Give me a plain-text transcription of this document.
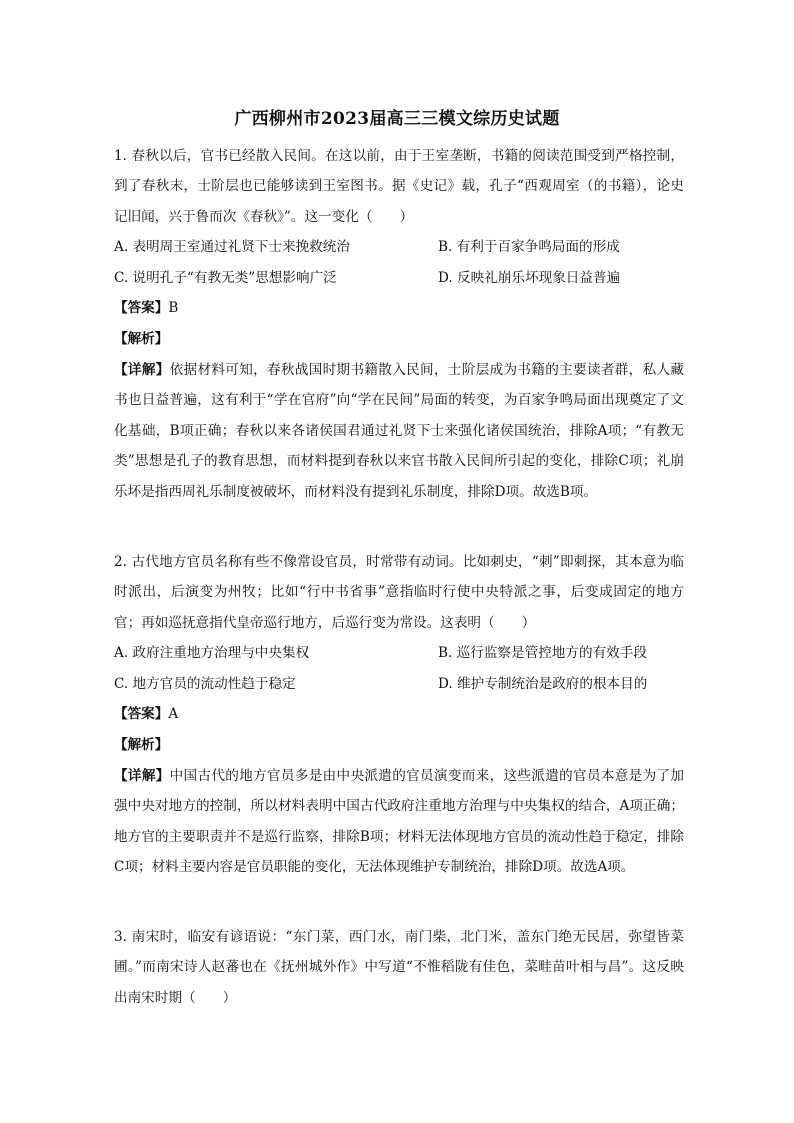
广西柳州市2023届高三三模文综历史试题

1. 春秋以后，官书已经散入民间。在这以前，由于王室垄断，书籍的阅读范围受到严格控制，到了春秋末，士阶层也已能够读到王室图书。据《史记》载，孔子“西观周室（的书籍），论史记旧闻，兴于鲁而次《春秋》”。这一变化（　　）

A. 表明周王室通过礼贤下士来挽救统治	B. 有利于百家争鸣局面的形成
C. 说明孔子“有教无类”思想影响广泛	D. 反映礼崩乐坏现象日益普遍
【答案】B
【解析】

【详解】依据材料可知，春秋战国时期书籍散入民间，士阶层成为书籍的主要读者群，私人藏书也日益普遍，这有利于“学在官府”向“学在民间”局面的转变，为百家争鸣局面出现奠定了文化基础，B项正确；春秋以来各诸侯国君通过礼贤下士来强化诸侯国统治，排除A项；“有教无类”思想是孔子的教育思想，而材料提到春秋以来官书散入民间所引起的变化，排除C项；礼崩乐坏是指西周礼乐制度被破坏，而材料没有提到礼乐制度，排除D项。故选B项。

2. 古代地方官员名称有些不像常设官员，时常带有动词。比如刺史，“刺”即刺探，其本意为临时派出，后演变为州牧；比如“行中书省事”意指临时行使中央特派之事，后变成固定的地方官；再如巡抚意指代皇帝巡行地方，后巡行变为常设。这表明（　　）

A. 政府注重地方治理与中央集权	B. 巡行监察是管控地方的有效手段
C. 地方官员的流动性趋于稳定	D. 维护专制统治是政府的根本目的
【答案】A
【解析】

【详解】中国古代的地方官员多是由中央派遣的官员演变而来，这些派遣的官员本意是为了加强中央对地方的控制，所以材料表明中国古代政府注重地方治理与中央集权的结合，A项正确；地方官的主要职责并不是巡行监察，排除B项；材料无法体现地方官员的流动性趋于稳定，排除C项；材料主要内容是官员职能的变化，无法体现维护专制统治，排除D项。故选A项。

3. 南宋时，临安有谚语说：“东门菜，西门水，南门柴，北门米，盖东门绝无民居，弥望皆菜圃。”而南宋诗人赵蕃也在《抚州城外作》中写道“不惟稻陇有佳色，菜畦苗叶相与昌”。这反映出南宋时期（　　）
